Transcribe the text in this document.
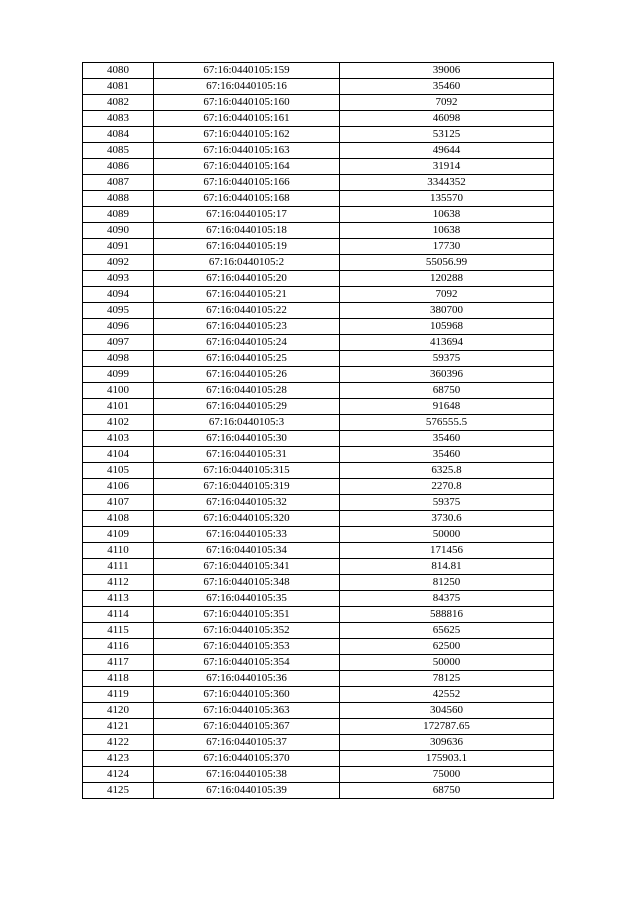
4080	67:16:0440105:159	39006
4081	67:16:0440105:16	35460
4082	67:16:0440105:160	7092
4083	67:16:0440105:161	46098
4084	67:16:0440105:162	53125
4085	67:16:0440105:163	49644
4086	67:16:0440105:164	31914
4087	67:16:0440105:166	3344352
4088	67:16:0440105:168	135570
4089	67:16:0440105:17	10638
4090	67:16:0440105:18	10638
4091	67:16:0440105:19	17730
4092	67:16:0440105:2	55056.99
4093	67:16:0440105:20	120288
4094	67:16:0440105:21	7092
4095	67:16:0440105:22	380700
4096	67:16:0440105:23	105968
4097	67:16:0440105:24	413694
4098	67:16:0440105:25	59375
4099	67:16:0440105:26	360396
4100	67:16:0440105:28	68750
4101	67:16:0440105:29	91648
4102	67:16:0440105:3	576555.5
4103	67:16:0440105:30	35460
4104	67:16:0440105:31	35460
4105	67:16:0440105:315	6325.8
4106	67:16:0440105:319	2270.8
4107	67:16:0440105:32	59375
4108	67:16:0440105:320	3730.6
4109	67:16:0440105:33	50000
4110	67:16:0440105:34	171456
4111	67:16:0440105:341	814.81
4112	67:16:0440105:348	81250
4113	67:16:0440105:35	84375
4114	67:16:0440105:351	588816
4115	67:16:0440105:352	65625
4116	67:16:0440105:353	62500
4117	67:16:0440105:354	50000
4118	67:16:0440105:36	78125
4119	67:16:0440105:360	42552
4120	67:16:0440105:363	304560
4121	67:16:0440105:367	172787.65
4122	67:16:0440105:37	309636
4123	67:16:0440105:370	175903.1
4124	67:16:0440105:38	75000
4125	67:16:0440105:39	68750
